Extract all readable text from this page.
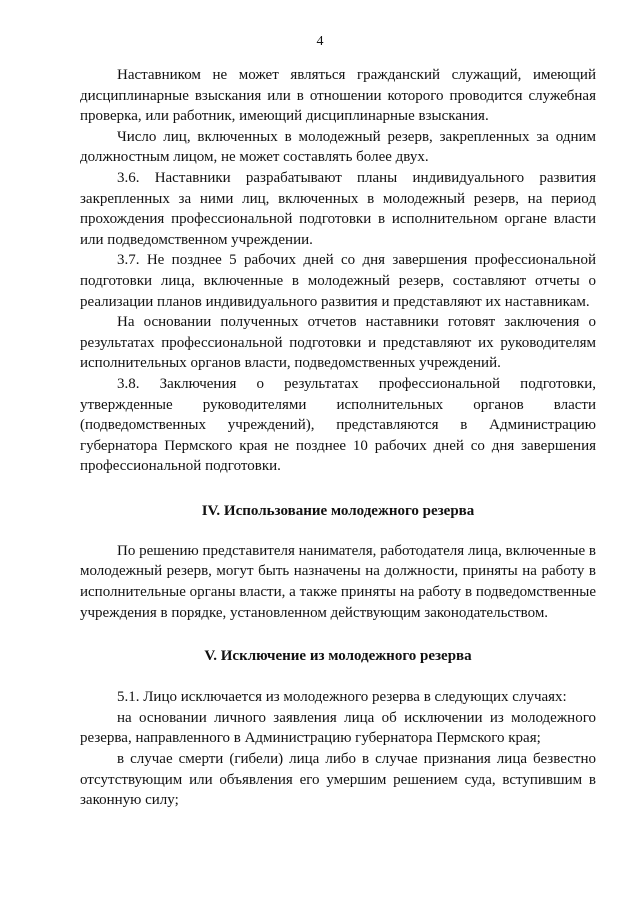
4

Наставником не может являться гражданский служащий, имеющий дисциплинарные взыскания или в отношении которого проводится служебная проверка, или работник, имеющий дисциплинарные взыскания.

Число лиц, включенных в молодежный резерв, закрепленных за одним должностным лицом, не может составлять более двух.

3.6. Наставники разрабатывают планы индивидуального развития закрепленных за ними лиц, включенных в молодежный резерв, на период прохождения профессиональной подготовки в исполнительном органе власти или подведомственном учреждении.

3.7. Не позднее 5 рабочих дней со дня завершения профессиональной подготовки лица, включенные в молодежный резерв, составляют отчеты о реализации планов индивидуального развития и представляют их наставникам.

На основании полученных отчетов наставники готовят заключения о результатах профессиональной подготовки и представляют их руководителям исполнительных органов власти, подведомственных учреждений.

3.8. Заключения о результатах профессиональной подготовки, утвержденные руководителями исполнительных органов власти (подведомственных учреждений), представляются в Администрацию губернатора Пермского края не позднее 10 рабочих дней со дня завершения профессиональной подготовки.

IV. Использование молодежного резерва

По решению представителя нанимателя, работодателя лица, включенные в молодежный резерв, могут быть назначены на должности, приняты на работу в исполнительные органы власти, а также приняты на работу в подведомственные учреждения в порядке, установленном действующим законодательством.

V. Исключение из молодежного резерва

5.1. Лицо исключается из молодежного резерва в следующих случаях:

на основании личного заявления лица об исключении из молодежного резерва, направленного в Администрацию губернатора Пермского края;

в случае смерти (гибели) лица либо в случае признания лица безвестно отсутствующим или объявления его умершим решением суда, вступившим в законную силу;
